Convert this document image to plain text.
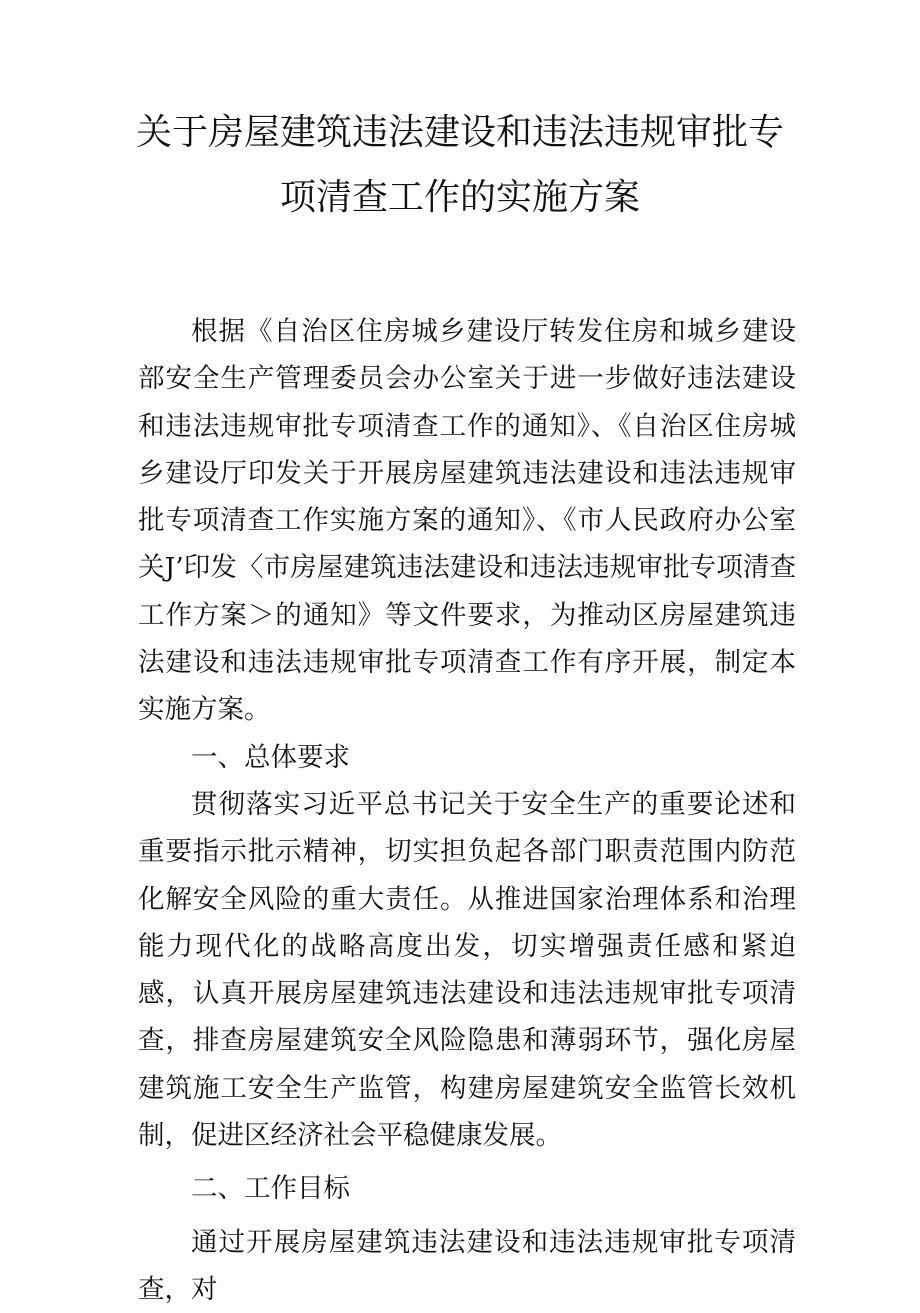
关于房屋建筑违法建设和违法违规审批专
项清查工作的实施方案

根据《自治区住房城乡建设厅转发住房和城乡建设部安全生产管理委员会办公室关于进一步做好违法建设和违法违规审批专项清查工作的通知》、《自治区住房城乡建设厅印发关于开展房屋建筑违法建设和违法违规审批专项清查工作实施方案的通知》、《市人民政府办公室关J’印发〈市房屋建筑违法建设和违法违规审批专项清查工作方案＞的通知》等文件要求，为推动区房屋建筑违法建设和违法违规审批专项清查工作有序开展，制定本实施方案。

一、总体要求

贯彻落实习近平总书记关于安全生产的重要论述和重要指示批示精神，切实担负起各部门职责范围内防范化解安全风险的重大责任。从推进国家治理体系和治理能力现代化的战略高度出发，切实增强责任感和紧迫感，认真开展房屋建筑违法建设和违法违规审批专项清查，排查房屋建筑安全风险隐患和薄弱环节，强化房屋建筑施工安全生产监管，构建房屋建筑安全监管长效机制，促进区经济社会平稳健康发展。

二、工作目标

通过开展房屋建筑违法建设和违法违规审批专项清查，对
